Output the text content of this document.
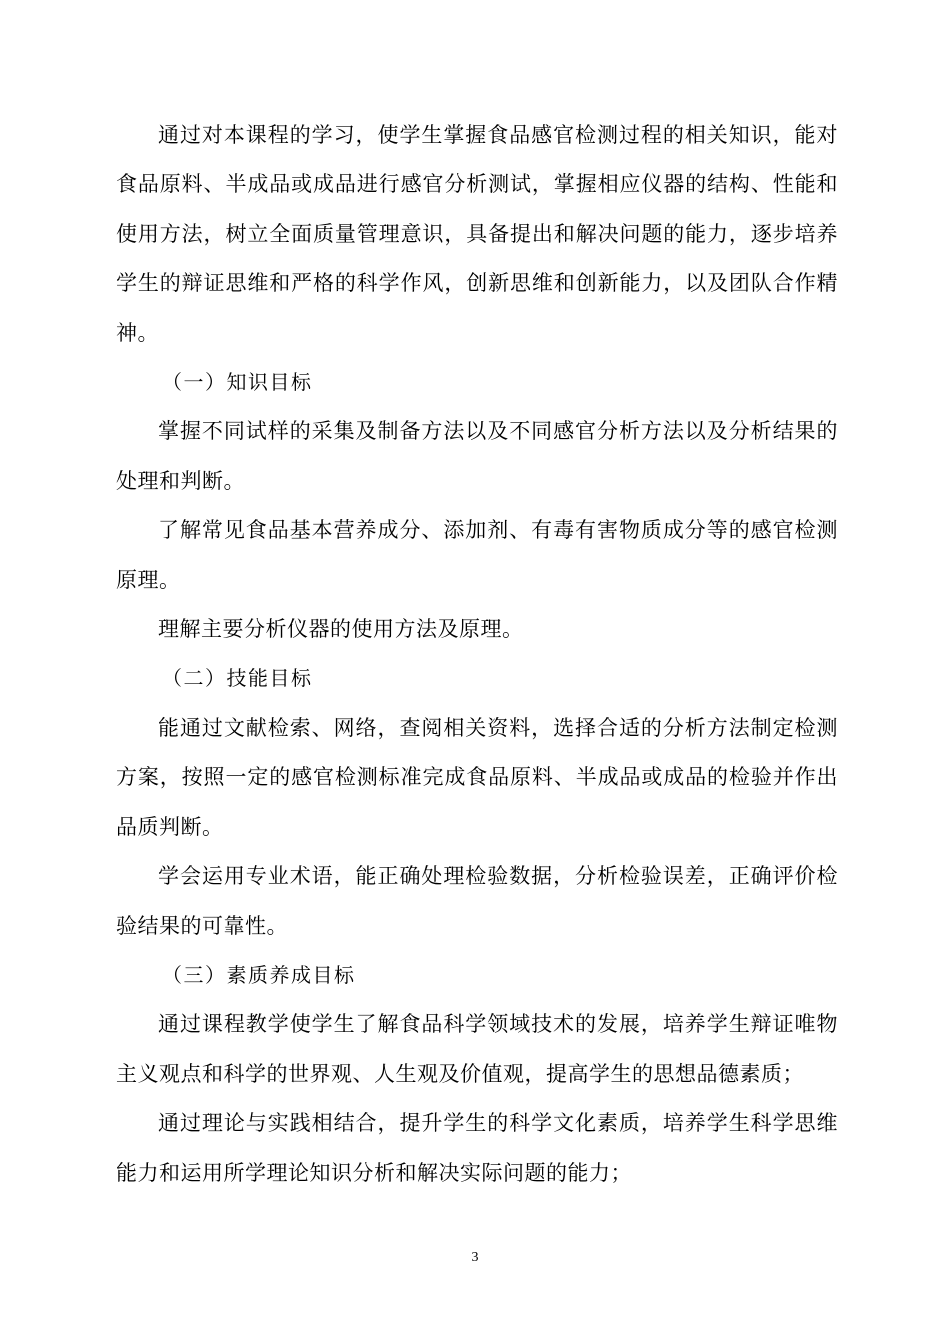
通过对本课程的学习，使学生掌握食品感官检测过程的相关知识，能对食品原料、半成品或成品进行感官分析测试，掌握相应仪器的结构、性能和使用方法，树立全面质量管理意识，具备提出和解决问题的能力，逐步培养学生的辩证思维和严格的科学作风，创新思维和创新能力，以及团队合作精神。

（一）知识目标

掌握不同试样的采集及制备方法以及不同感官分析方法以及分析结果的处理和判断。

了解常见食品基本营养成分、添加剂、有毒有害物质成分等的感官检测原理。

理解主要分析仪器的使用方法及原理。

（二）技能目标

能通过文献检索、网络，查阅相关资料，选择合适的分析方法制定检测方案，按照一定的感官检测标准完成食品原料、半成品或成品的检验并作出品质判断。

学会运用专业术语，能正确处理检验数据，分析检验误差，正确评价检验结果的可靠性。

（三）素质养成目标

通过课程教学使学生了解食品科学领域技术的发展，培养学生辩证唯物主义观点和科学的世界观、人生观及价值观，提高学生的思想品德素质；

通过理论与实践相结合，提升学生的科学文化素质，培养学生科学思维能力和运用所学理论知识分析和解决实际问题的能力；

3
